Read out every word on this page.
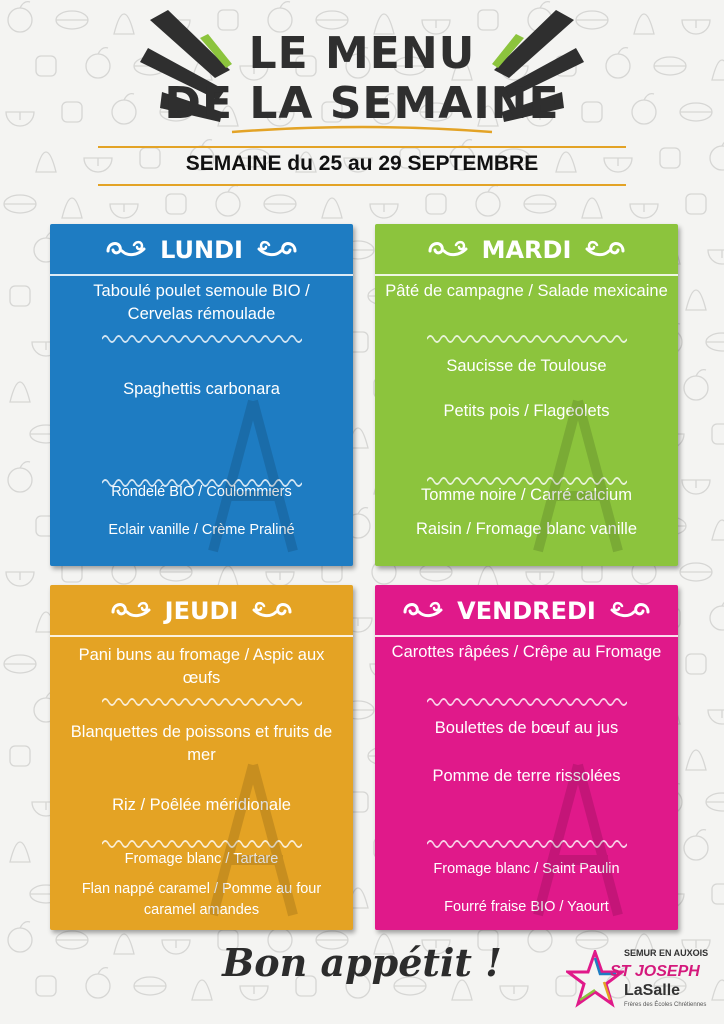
LE MENU
DE LA SEMAINE
SEMAINE du 25 au 29 SEPTEMBRE
LUNDI
Taboulé poulet semoule BIO / Cervelas rémoulade
Spaghettis carbonara
Rondelé BIO / Coulommiers
Eclair vanille / Crème Praliné
MARDI
Pâté de campagne / Salade mexicaine
Saucisse de Toulouse
Petits pois / Flageolets
Tomme noire / Carré calcium
Raisin / Fromage blanc vanille
JEUDI
Pani buns au fromage / Aspic aux œufs
Blanquettes de poissons et fruits de mer
Riz / Poêlée méridionale
Fromage blanc / Tartare
Flan nappé caramel / Pomme au four caramel amandes
VENDREDI
Carottes râpées / Crêpe au Fromage
Boulettes de bœuf au jus
Pomme de terre rissolées
Fromage blanc / Saint Paulin
Fourré fraise BIO / Yaourt
Bon appétit !	SEMUR EN AUXOIS
ST JOSEPH
LaSalle
Frères des Écoles Chrétiennes
